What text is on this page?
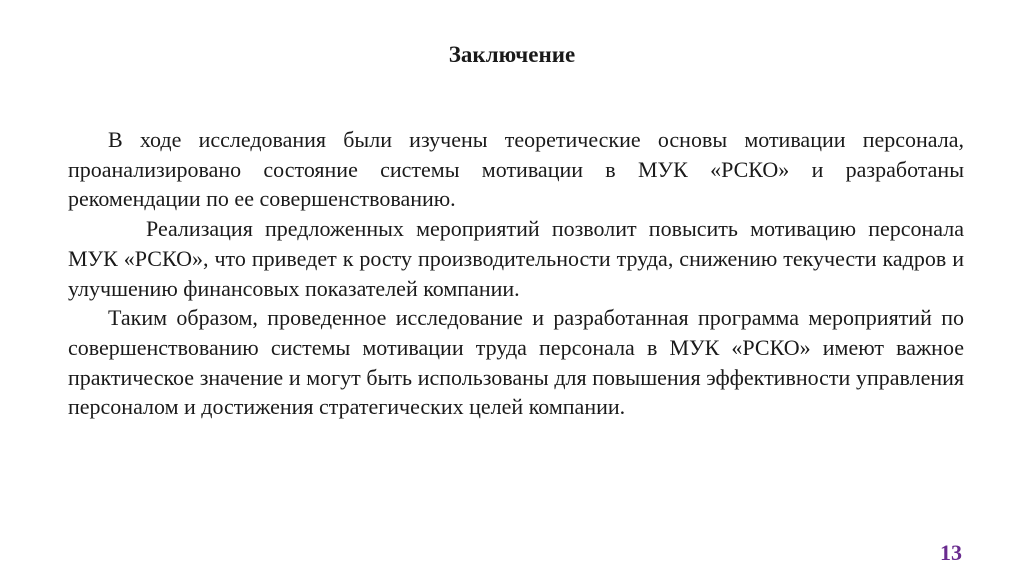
Заключение

В ходе исследования были изучены теоретические основы мотивации персонала, проанализировано состояние системы мотивации в МУК «РСКО» и разработаны рекомендации по ее совершенствованию.

Реализация предложенных мероприятий позволит повысить мотивацию персонала МУК «РСКО», что приведет к росту производительности труда, снижению текучести кадров и улучшению финансовых показателей компании.

Таким образом, проведенное исследование и разработанная программа мероприятий по совершенствованию системы мотивации труда персонала в МУК «РСКО» имеют важное практическое значение и могут быть использованы для повышения эффективности управления персоналом и достижения стратегических целей компании.

13
